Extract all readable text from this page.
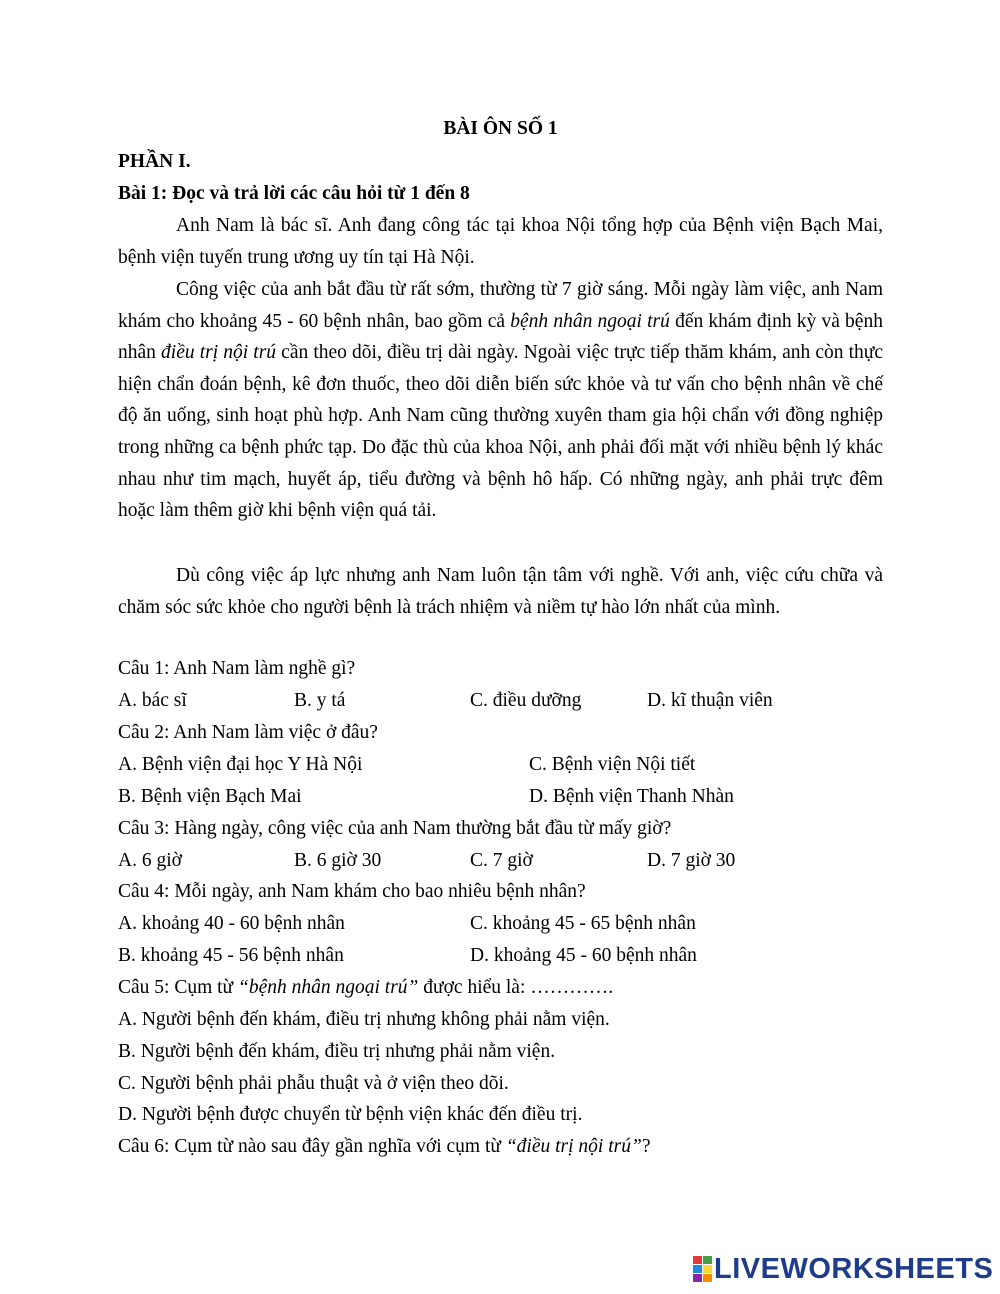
BÀI ÔN SỐ 1
PHẦN I.
Bài 1: Đọc và trả lời các câu hỏi từ 1 đến 8
Anh Nam là bác sĩ. Anh đang công tác tại khoa Nội tổng hợp của Bệnh viện Bạch Mai, bệnh viện tuyến trung ương uy tín tại Hà Nội.
Công việc của anh bắt đầu từ rất sớm, thường từ 7 giờ sáng. Mỗi ngày làm việc, anh Nam khám cho khoảng 45 - 60 bệnh nhân, bao gồm cả bệnh nhân ngoại trú đến khám định kỳ và bệnh nhân điều trị nội trú cần theo dõi, điều trị dài ngày. Ngoài việc trực tiếp thăm khám, anh còn thực hiện chẩn đoán bệnh, kê đơn thuốc, theo dõi diễn biến sức khỏe và tư vấn cho bệnh nhân về chế độ ăn uống, sinh hoạt phù hợp. Anh Nam cũng thường xuyên tham gia hội chẩn với đồng nghiệp trong những ca bệnh phức tạp. Do đặc thù của khoa Nội, anh phải đối mặt với nhiều bệnh lý khác nhau như tim mạch, huyết áp, tiểu đường và bệnh hô hấp. Có những ngày, anh phải trực đêm hoặc làm thêm giờ khi bệnh viện quá tải.
Dù công việc áp lực nhưng anh Nam luôn tận tâm với nghề. Với anh, việc cứu chữa và chăm sóc sức khỏe cho người bệnh là trách nhiệm và niềm tự hào lớn nhất của mình.
Câu 1: Anh Nam làm nghề gì?
A. bác sĩ	B. y tá	C. điều dưỡng	D. kĩ thuận viên
Câu 2: Anh Nam làm việc ở đâu?
A. Bệnh viện đại học Y Hà Nội	C. Bệnh viện Nội tiết
B. Bệnh viện Bạch Mai	D. Bệnh viện Thanh Nhàn
Câu 3: Hàng ngày, công việc của anh Nam thường bắt đầu từ mấy giờ?
A. 6 giờ	B. 6 giờ 30	C. 7 giờ	D. 7 giờ 30
Câu 4: Mỗi ngày, anh Nam khám cho bao nhiêu bệnh nhân?
A. khoảng 40 - 60 bệnh nhân	C. khoảng 45 - 65 bệnh nhân
B. khoảng 45 - 56 bệnh nhân	D. khoảng 45 - 60 bệnh nhân
Câu 5: Cụm từ “bệnh nhân ngoại trú” được hiểu là: ………….
A. Người bệnh đến khám, điều trị nhưng không phải nằm viện.
B. Người bệnh đến khám, điều trị nhưng phải nằm viện.
C. Người bệnh phải phẫu thuật và ở viện theo dõi.
D. Người bệnh được chuyển từ bệnh viện khác đến điều trị.
Câu 6: Cụm từ nào sau đây gần nghĩa với cụm từ “điều trị nội trú”?
LIVEWORKSHEETS
